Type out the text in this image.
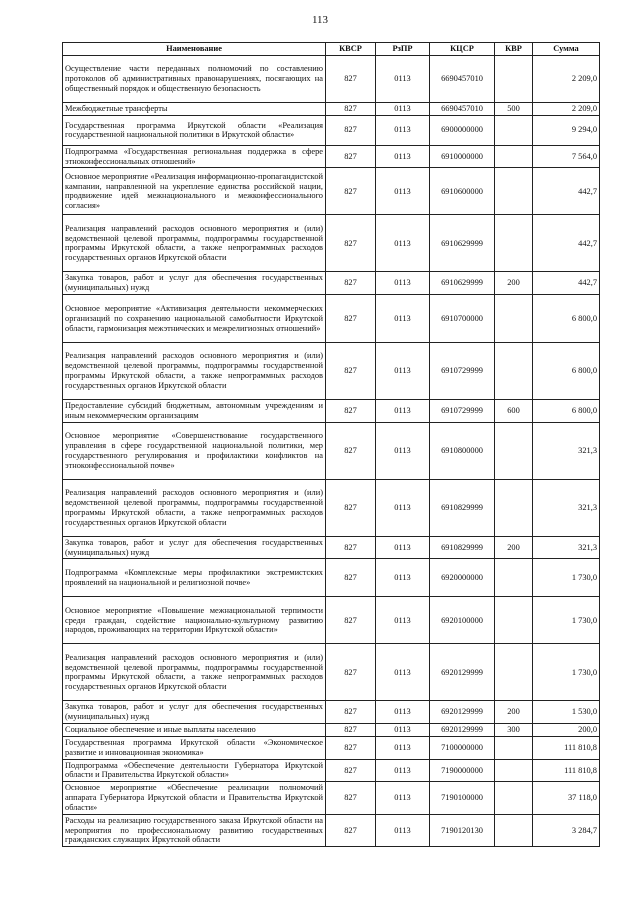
113
Наименование	КВСР	РзПР	КЦСР	КВР	Сумма
Осуществление части переданных полномочий по составлению протоколов об административных правонарушениях, посягающих на общественный порядок и общественную безопасность	827	0113	6690457010		2 209,0
Межбюджетные трансферты	827	0113	6690457010	500	2 209,0
Государственная программа Иркутской области «Реализация государственной национальной политики в Иркутской области»	827	0113	6900000000		9 294,0
Подпрограмма «Государственная региональная поддержка в сфере этноконфессиональных отношений»	827	0113	6910000000		7 564,0
Основное мероприятие «Реализация информационно-пропагандистской кампании, направленной на укрепление единства российской нации, продвижение идей межнационального и межконфессионального согласия»	827	0113	6910600000		442,7
Реализация направлений расходов основного мероприятия и (или) ведомственной целевой программы, подпрограммы государственной программы Иркутской области, а также непрограммных расходов государственных органов Иркутской области	827	0113	6910629999		442,7
Закупка товаров, работ и услуг для обеспечения государственных (муниципальных) нужд	827	0113	6910629999	200	442,7
Основное мероприятие «Активизация деятельности некоммерческих организаций по сохранению национальной самобытности Иркутской области, гармонизация межэтнических и межрелигиозных отношений»	827	0113	6910700000		6 800,0
Реализация направлений расходов основного мероприятия и (или) ведомственной целевой программы, подпрограммы государственной программы Иркутской области, а также непрограммных расходов государственных органов Иркутской области	827	0113	6910729999		6 800,0
Предоставление субсидий бюджетным, автономным учреждениям и иным некоммерческим организациям	827	0113	6910729999	600	6 800,0
Основное мероприятие «Совершенствование государственного управления в сфере государственной национальной политики, мер государственного регулирования и профилактики конфликтов на этноконфессиональной почве»	827	0113	6910800000		321,3
Реализация направлений расходов основного мероприятия и (или) ведомственной целевой программы, подпрограммы государственной программы Иркутской области, а также непрограммных расходов государственных органов Иркутской области	827	0113	6910829999		321,3
Закупка товаров, работ и услуг для обеспечения государственных (муниципальных) нужд	827	0113	6910829999	200	321,3
Подпрограмма «Комплексные меры профилактики экстремистских проявлений на национальной и религиозной почве»	827	0113	6920000000		1 730,0
Основное мероприятие «Повышение межнациональной терпимости среди граждан, содействие национально-культурному развитию народов, проживающих на территории Иркутской области»	827	0113	6920100000		1 730,0
Реализация направлений расходов основного мероприятия и (или) ведомственной целевой программы, подпрограммы государственной программы Иркутской области, а также непрограммных расходов государственных органов Иркутской области	827	0113	6920129999		1 730,0
Закупка товаров, работ и услуг для обеспечения государственных (муниципальных) нужд	827	0113	6920129999	200	1 530,0
Социальное обеспечение и иные выплаты населению	827	0113	6920129999	300	200,0
Государственная программа Иркутской области «Экономическое развитие и инновационная экономика»	827	0113	7100000000		111 810,8
Подпрограмма «Обеспечение деятельности Губернатора Иркутской области и Правительства Иркутской области»	827	0113	7190000000		111 810,8
Основное мероприятие «Обеспечение реализации полномочий аппарата Губернатора Иркутской области и Правительства Иркутской области»	827	0113	7190100000		37 118,0
Расходы на реализацию государственного заказа Иркутской области на мероприятия по профессиональному развитию государственных гражданских служащих Иркутской области	827	0113	7190120130		3 284,7
